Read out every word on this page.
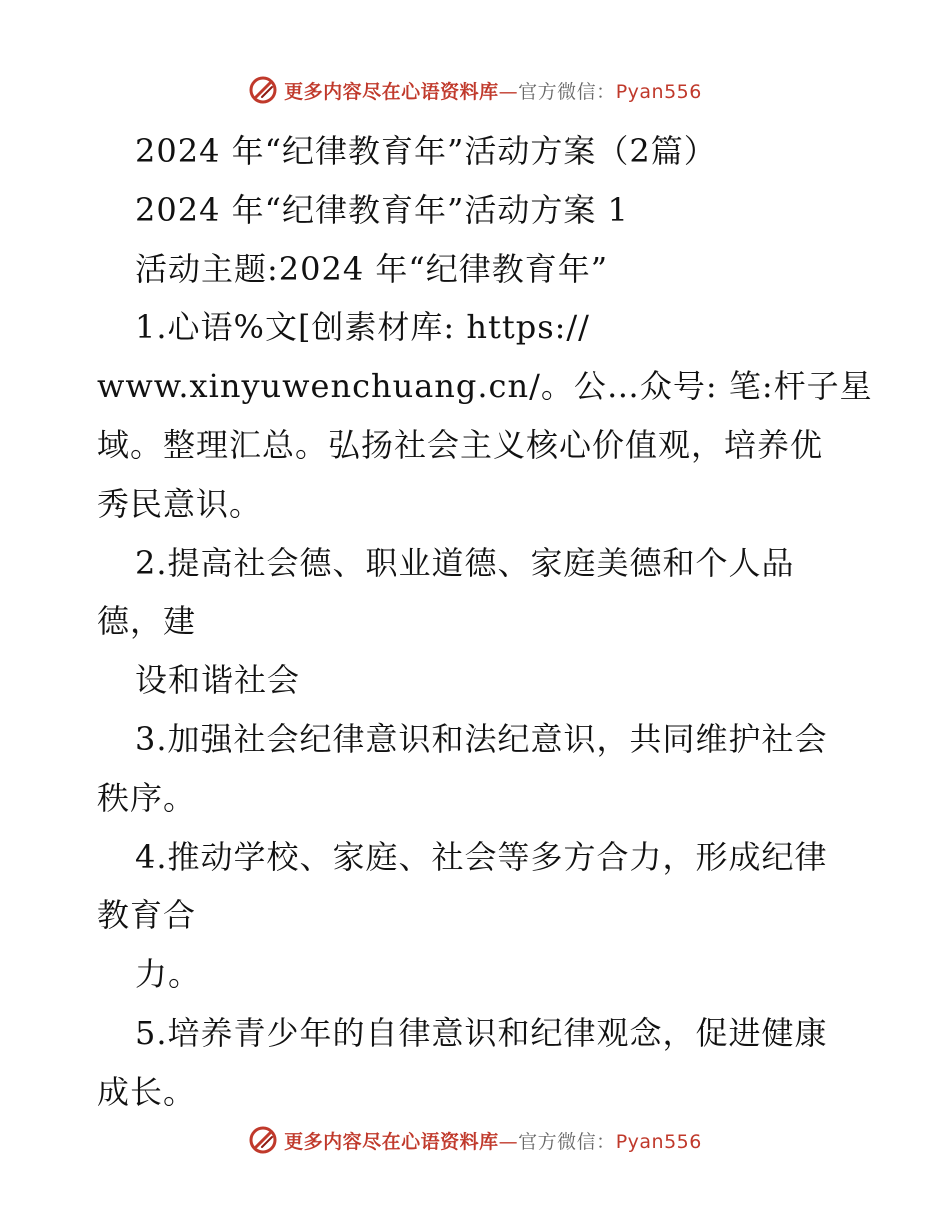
更多内容尽在心语资料库—官方微信：Pyan556
2024 年“纪律教育年”活动方案（2篇）
2024 年“纪律教育年”活动方案 1
活动主题:2024 年“纪律教育年”
1.心语%文[创素材库: https://
www.xinyuwenchuang.cn/。公…众号: 笔:杆子星
域。整理汇总。弘扬社会主义核心价值观，培养优
秀民意识。
2.提高社会德、职业道德、家庭美德和个人品
德，建
设和谐社会
3.加强社会纪律意识和法纪意识，共同维护社会
秩序。
4.推动学校、家庭、社会等多方合力，形成纪律
教育合
力。
5.培养青少年的自律意识和纪律观念，促进健康
成长。
更多内容尽在心语资料库—官方微信：Pyan556
